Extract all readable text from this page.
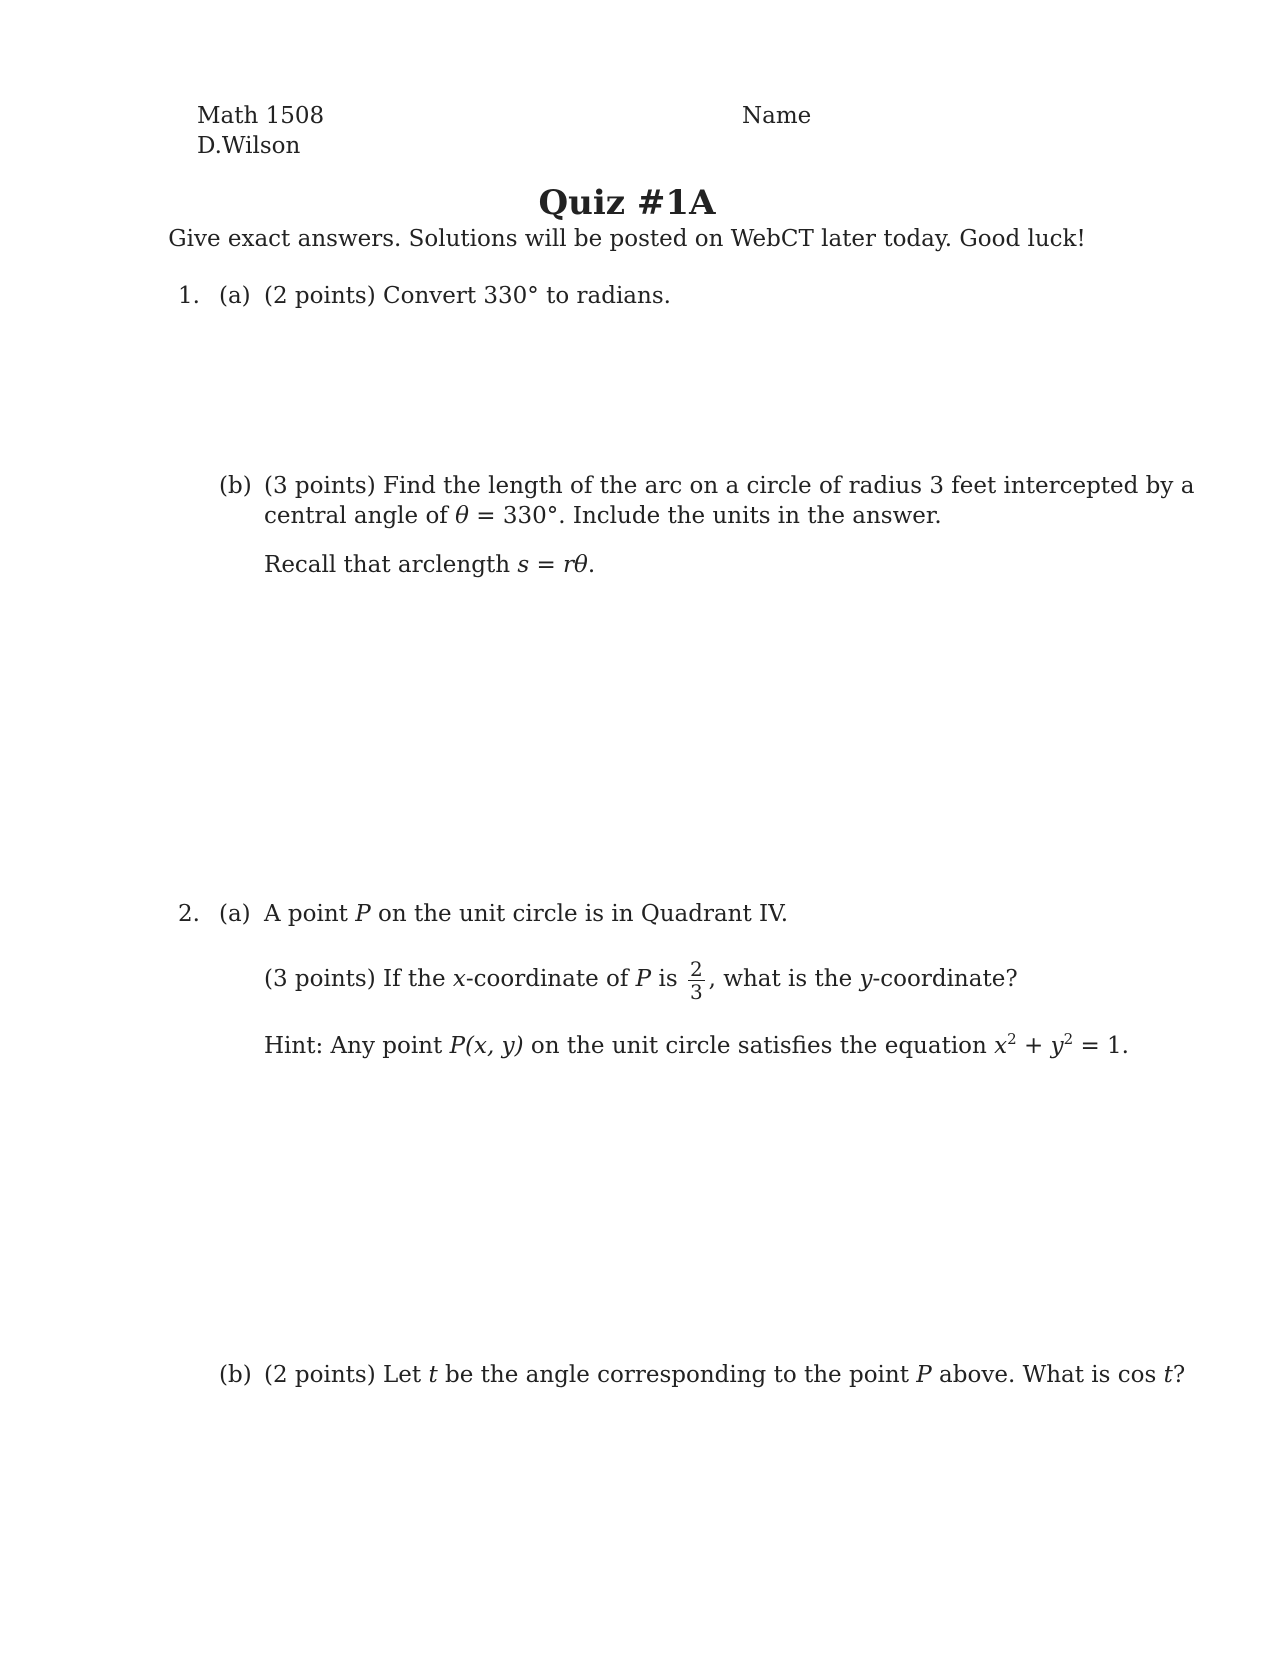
Math 1508
D.Wilson
Name
Quiz #1A
Give exact answers. Solutions will be posted on WebCT later today. Good luck!
1. (a) (2 points) Convert 330° to radians.
(b) (3 points) Find the length of the arc on a circle of radius 3 feet intercepted by a
central angle of θ = 330°. Include the units in the answer.
Recall that arclength s = rθ.
2. (a) A point P on the unit circle is in Quadrant IV.
(3 points) If the x-coordinate of P is $\frac{2}{3}$ , what is the y-coordinate?
Hint: Any point P(x, y) on the unit circle satisfies the equation $x^2 + y^2 = 1$.
(b) (2 points) Let t be the angle corresponding to the point P above. What is cos t?
